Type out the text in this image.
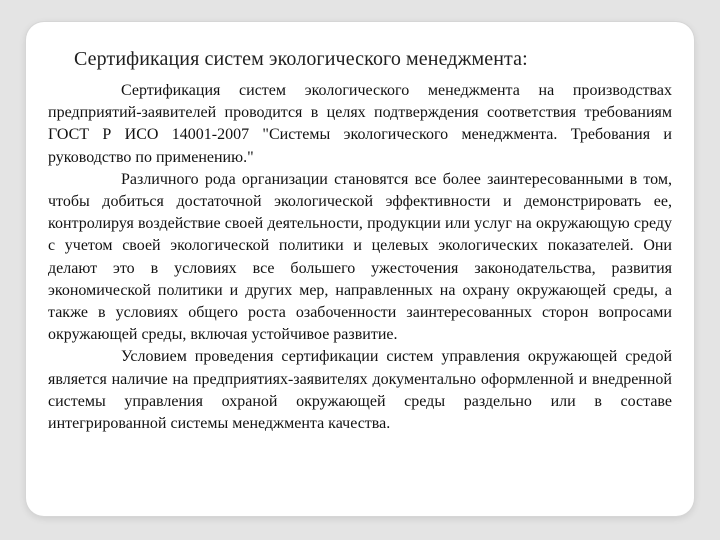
Сертификация систем экологического менеджмента:

Сертификация систем экологического менеджмента на производствах предприятий-заявителей проводится в целях подтверждения соответствия требованиям ГОСТ Р ИСО 14001-2007 "Системы экологического менеджмента. Требования и руководство по применению."

Различного рода организации становятся все более заинтересованными в том, чтобы добиться достаточной экологической эффективности и демонстрировать ее, контролируя воздействие своей деятельности, продукции или услуг на окружающую среду с учетом своей экологической политики и целевых экологических показателей. Они делают это в условиях все большего ужесточения законодательства, развития экономической политики и других мер, направленных на охрану окружающей среды, а также в условиях общего роста озабоченности заинтересованных сторон вопросами окружающей среды, включая устойчивое развитие.

Условием проведения сертификации систем управления окружающей средой является наличие на предприятиях-заявителях документально оформленной и внедренной системы управления охраной окружающей среды раздельно или в составе интегрированной системы менеджмента качества.
